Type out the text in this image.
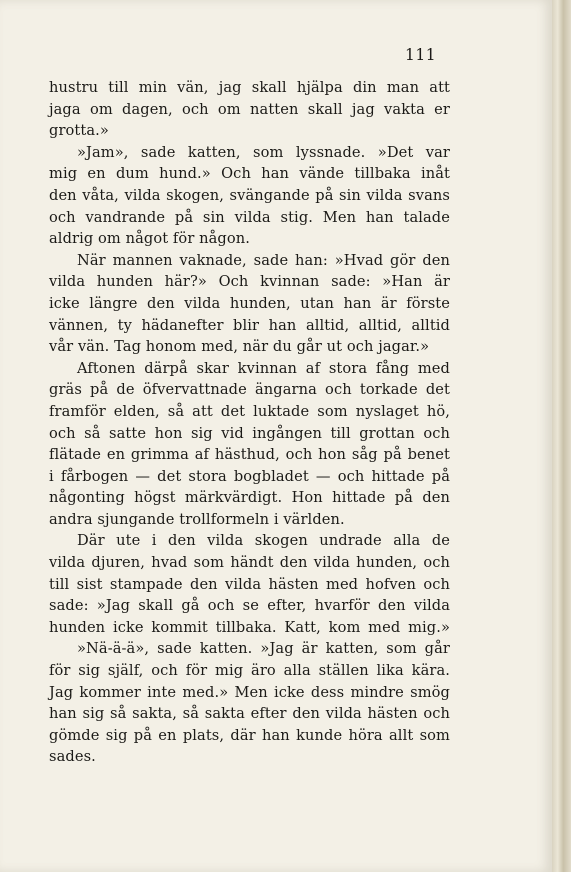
111
hustru till min vän, jag skall hjälpa din man att
jaga om dagen, och om natten skall jag vakta er
grotta.»
»Jam», sade katten, som lyssnade. »Det var
mig en dum hund.» Och han vände tillbaka inåt
den våta, vilda skogen, svängande på sin vilda svans
och vandrande på sin vilda stig. Men han talade
aldrig om något för någon.
När mannen vaknade, sade han: »Hvad gör den
vilda hunden här?» Och kvinnan sade: »Han är
icke längre den vilda hunden, utan han är förste
vännen, ty hädanefter blir han alltid, alltid, alltid
vår vän. Tag honom med, när du går ut och jagar.»
Aftonen därpå skar kvinnan af stora fång med
gräs på de öfvervattnade ängarna och torkade det
framför elden, så att det luktade som nyslaget hö,
och så satte hon sig vid ingången till grottan och
flätade en grimma af hästhud, och hon såg på benet
i fårbogen — det stora bogbladet — och hittade på
någonting högst märkvärdigt. Hon hittade på den
andra sjungande trollformeln i världen.
Där ute i den vilda skogen undrade alla de
vilda djuren, hvad som händt den vilda hunden, och
till sist stampade den vilda hästen med hofven och
sade: »Jag skall gå och se efter, hvarför den vilda
hunden icke kommit tillbaka. Katt, kom med mig.»
»Nä-ä-ä», sade katten. »Jag är katten, som går
för sig själf, och för mig äro alla ställen lika kära.
Jag kommer inte med.» Men icke dess mindre smög
han sig så sakta, så sakta efter den vilda hästen och
gömde sig på en plats, där han kunde höra allt som
sades.
